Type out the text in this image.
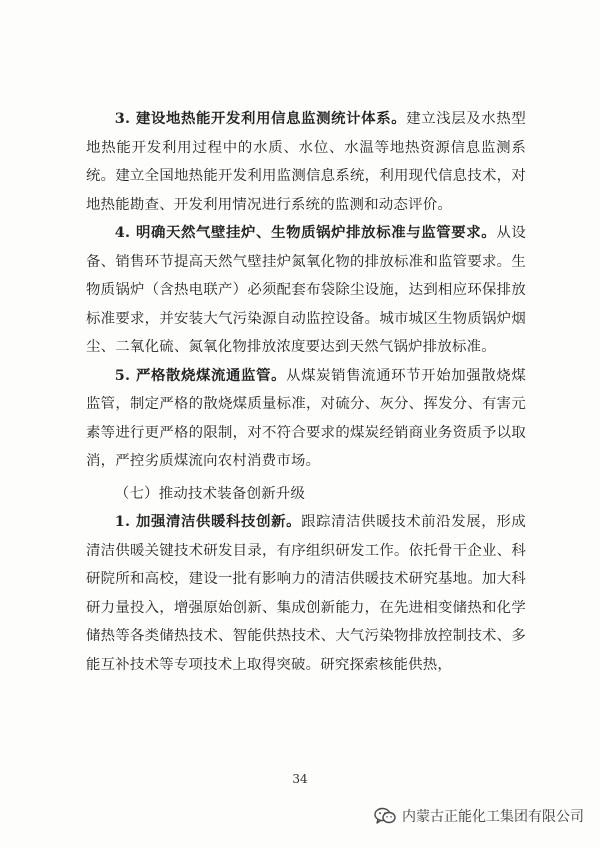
3. 建设地热能开发利用信息监测统计体系。建立浅层及水热型地热能开发利用过程中的水质、水位、水温等地热资源信息监测系统。建立全国地热能开发利用监测信息系统，利用现代信息技术，对地热能勘查、开发利用情况进行系统的监测和动态评价。

4. 明确天然气壁挂炉、生物质锅炉排放标准与监管要求。从设备、销售环节提高天然气壁挂炉氮氧化物的排放标准和监管要求。生物质锅炉（含热电联产）必须配套布袋除尘设施，达到相应环保排放标准要求，并安装大气污染源自动监控设备。城市城区生物质锅炉烟尘、二氧化硫、氮氧化物排放浓度要达到天然气锅炉排放标准。

5. 严格散烧煤流通监管。从煤炭销售流通环节开始加强散烧煤监管，制定严格的散烧煤质量标准，对硫分、灰分、挥发分、有害元素等进行更严格的限制，对不符合要求的煤炭经销商业务资质予以取消，严控劣质煤流向农村消费市场。

（七）推动技术装备创新升级

1. 加强清洁供暖科技创新。跟踪清洁供暖技术前沿发展，形成清洁供暖关键技术研发目录，有序组织研发工作。依托骨干企业、科研院所和高校，建设一批有影响力的清洁供暖技术研究基地。加大科研力量投入，增强原始创新、集成创新能力，在先进相变储热和化学储热等各类储热技术、智能供热技术、大气污染物排放控制技术、多能互补技术等专项技术上取得突破。研究探索核能供热，

34
内蒙古正能化工集团有限公司
